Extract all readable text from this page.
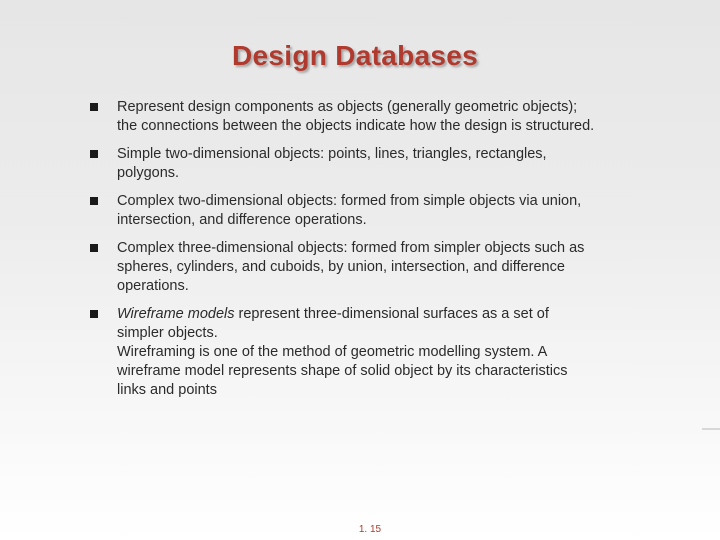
Design Databases
Represent design components as objects (generally geometric objects);
the connections between the objects indicate how the design is structured.
Simple two-dimensional objects: points, lines, triangles, rectangles,
polygons.
Complex two-dimensional objects: formed from simple objects via union,
intersection, and difference operations.
Complex three-dimensional objects: formed from simpler objects such as
spheres, cylinders, and cuboids, by union, intersection, and difference
operations.
Wireframe models represent three-dimensional surfaces as a set of
simpler objects.
Wireframing is one of the method of geometric modelling system. A
wireframe model represents shape of solid object by its characteristics
links and points
1. 15
